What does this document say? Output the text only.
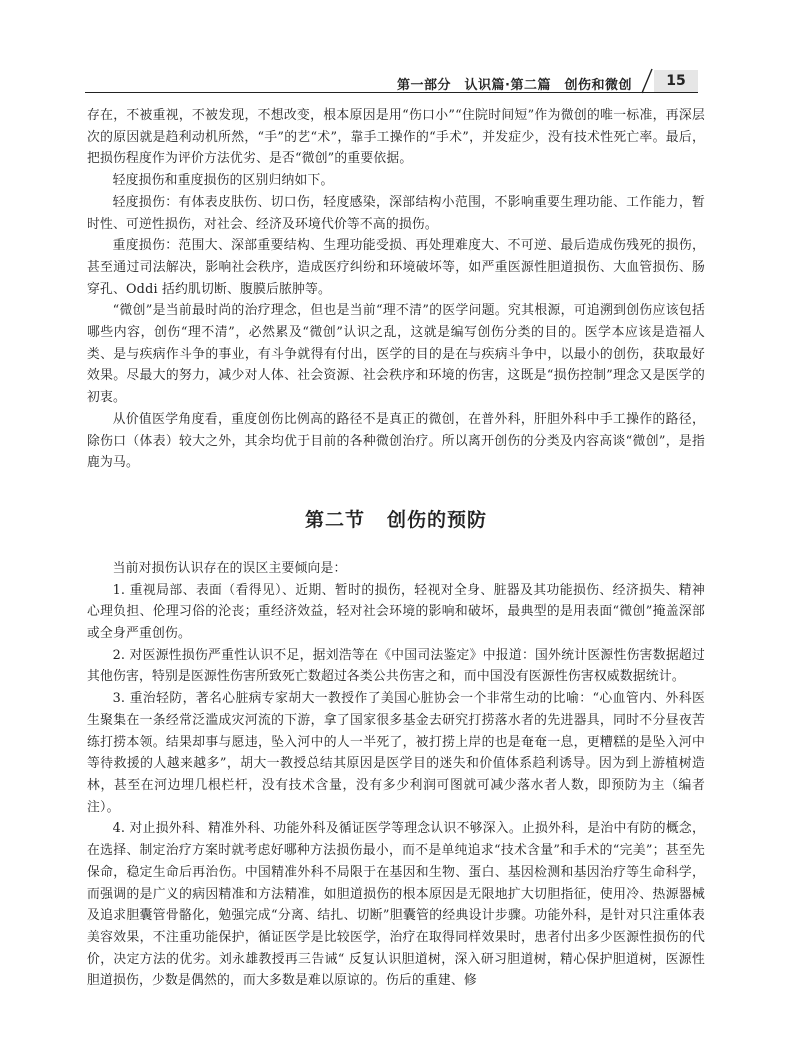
第一部分　认识篇·第二篇　创伤和微创	15

存在，不被重视，不被发现，不想改变，根本原因是用“伤口小”“住院时间短”作为微创的唯一标准，再深层次的原因就是趋利动机所然，“手”的艺“术”，靠手工操作的“手术”，并发症少，没有技术性死亡率。最后，把损伤程度作为评价方法优劣、是否“微创”的重要依据。

轻度损伤和重度损伤的区别归纳如下。

轻度损伤：有体表皮肤伤、切口伤，轻度感染，深部结构小范围，不影响重要生理功能、工作能力，暂时性、可逆性损伤，对社会、经济及环境代价等不高的损伤。

重度损伤：范围大、深部重要结构、生理功能受损、再处理难度大、不可逆、最后造成伤残死的损伤，甚至通过司法解决，影响社会秩序，造成医疗纠纷和环境破坏等，如严重医源性胆道损伤、大血管损伤、肠穿孔、Oddi 括约肌切断、腹膜后脓肿等。

“微创”是当前最时尚的治疗理念，但也是当前“理不清”的医学问题。究其根源，可追溯到创伤应该包括哪些内容，创伤“理不清”，必然累及“微创”认识之乱，这就是编写创伤分类的目的。医学本应该是造福人类、是与疾病作斗争的事业，有斗争就得有付出，医学的目的是在与疾病斗争中，以最小的创伤，获取最好效果。尽最大的努力，减少对人体、社会资源、社会秩序和环境的伤害，这既是“损伤控制”理念又是医学的初衷。

从价值医学角度看，重度创伤比例高的路径不是真正的微创，在普外科，肝胆外科中手工操作的路径，除伤口（体表）较大之外，其余均优于目前的各种微创治疗。所以离开创伤的分类及内容高谈“微创”，是指鹿为马。

第二节 创伤的预防

当前对损伤认识存在的误区主要倾向是：

1. 重视局部、表面（看得见）、近期、暂时的损伤，轻视对全身、脏器及其功能损伤、经济损失、精神心理负担、伦理习俗的沦丧；重经济效益，轻对社会环境的影响和破坏，最典型的是用表面“微创”掩盖深部或全身严重创伤。

2. 对医源性损伤严重性认识不足，据刘浩等在《中国司法鉴定》中报道：国外统计医源性伤害数据超过其他伤害，特别是医源性伤害所致死亡数超过各类公共伤害之和，而中国没有医源性伤害权威数据统计。

3. 重治轻防，著名心脏病专家胡大一教授作了美国心脏协会一个非常生动的比喻：“心血管内、外科医生聚集在一条经常泛滥成灾河流的下游，拿了国家很多基金去研究打捞落水者的先进器具，同时不分昼夜苦练打捞本领。结果却事与愿违，坠入河中的人一半死了，被打捞上岸的也是奄奄一息，更糟糕的是坠入河中等待救援的人越来越多”，胡大一教授总结其原因是医学目的迷失和价值体系趋利诱导。因为到上游植树造林，甚至在河边埋几根栏杆，没有技术含量，没有多少利润可图就可减少落水者人数，即预防为主（编者注）。

4. 对止损外科、精准外科、功能外科及循证医学等理念认识不够深入。止损外科，是治中有防的概念，在选择、制定治疗方案时就考虑好哪种方法损伤最小，而不是单纯追求“技术含量”和手术的“完美”；甚至先保命，稳定生命后再治伤。中国精准外科不局限于在基因和生物、蛋白、基因检测和基因治疗等生命科学，而强调的是广义的病因精准和方法精准，如胆道损伤的根本原因是无限地扩大切胆指征，使用冷、热源器械及追求胆囊管骨骼化，勉强完成“分离、结扎、切断”胆囊管的经典设计步骤。功能外科，是针对只注重体表美容效果，不注重功能保护，循证医学是比较医学，治疗在取得同样效果时，患者付出多少医源性损伤的代价，决定方法的优劣。刘永雄教授再三告诫“ 反复认识胆道树，深入研习胆道树，精心保护胆道树，医源性胆道损伤，少数是偶然的，而大多数是难以原谅的。伤后的重建、修
